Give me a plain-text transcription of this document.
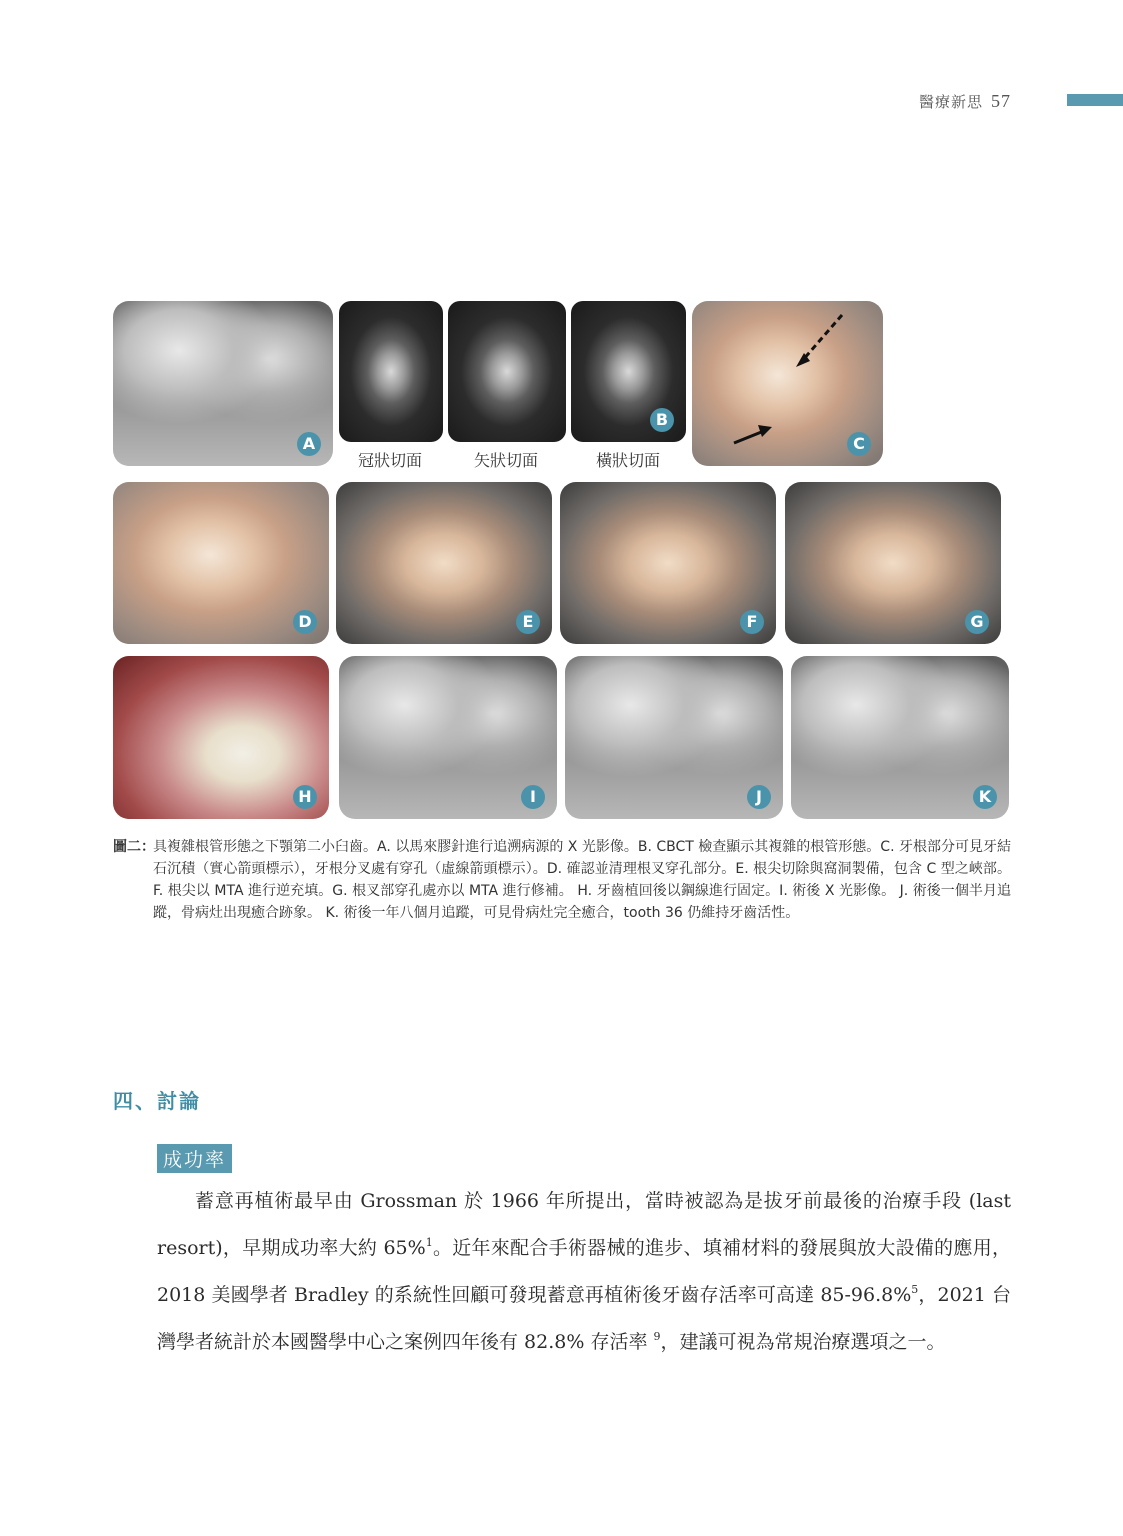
醫療新思 57
A
B
C
冠狀切面	矢狀切面	橫狀切面
D	E	F	G
H	I	J	K
圖二：
具複雜根管形態之下顎第二小臼齒。A. 以馬來膠針進行追溯病源的 X 光影像。B. CBCT 檢查顯示其複雜的根管形態。C. 牙根部分可見牙結石沉積（實心箭頭標示），牙根分叉處有穿孔（虛線箭頭標示）。D. 確認並清理根叉穿孔部分。E. 根尖切除與窩洞製備，包含 C 型之峽部。 F. 根尖以 MTA 進行逆充填。G. 根叉部穿孔處亦以 MTA 進行修補。 H. 牙齒植回後以鋼線進行固定。I. 術後 X 光影像。 J. 術後一個半月追蹤，骨病灶出現癒合跡象。 K. 術後一年八個月追蹤，可見骨病灶完全癒合，tooth 36 仍維持牙齒活性。
四、討論
成功率

蓄意再植術最早由 Grossman 於 1966 年所提出，當時被認為是拔牙前最後的治療手段 (last resort)，早期成功率大約 65%$^1$。近年來配合手術器械的進步、填補材料的發展與放大設備的應用，2018 美國學者 Bradley 的系統性回顧可發現蓄意再植術後牙齒存活率可高達 85-96.8%$^5$，2021 台灣學者統計於本國醫學中心之案例四年後有 82.8% 存活率 $^9$，建議可視為常規治療選項之一。
